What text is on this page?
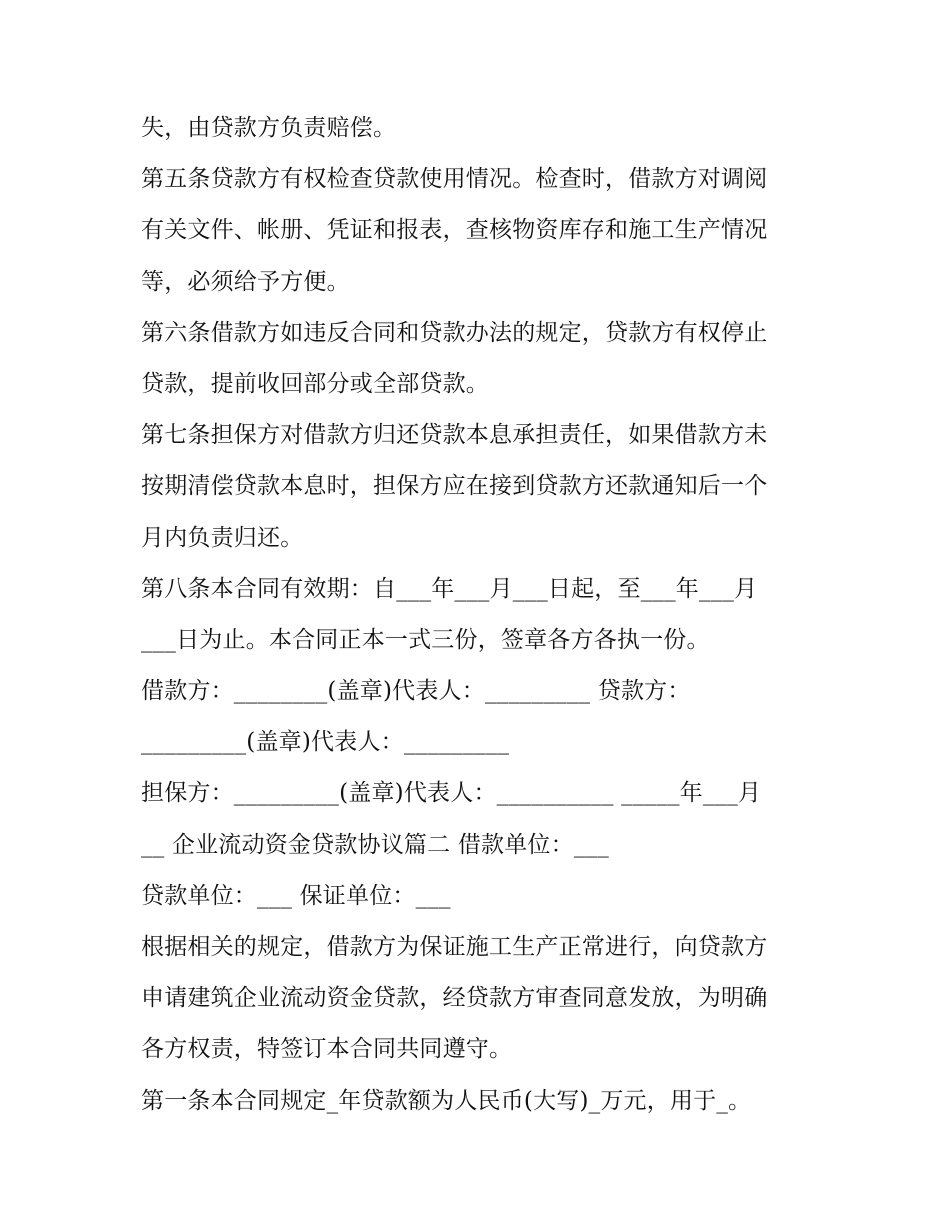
失，由贷款方负责赔偿。
第五条贷款方有权检查贷款使用情况。检查时，借款方对调阅
有关文件、帐册、凭证和报表，查核物资库存和施工生产情况
等，必须给予方便。
第六条借款方如违反合同和贷款办法的规定，贷款方有权停止
贷款，提前收回部分或全部贷款。
第七条担保方对借款方归还贷款本息承担责任，如果借款方未
按期清偿贷款本息时，担保方应在接到贷款方还款通知后一个
月内负责归还。
第八条本合同有效期：自___年___月___日起，至___年___月
___日为止。本合同正本一式三份，签章各方各执一份。
借款方：________(盖章)代表人：_________ 贷款方：
_________(盖章)代表人：_________
担保方：_________(盖章)代表人：__________ _____年___月
__ 企业流动资金贷款协议篇二 借款单位：___
贷款单位：___ 保证单位：___
根据相关的规定，借款方为保证施工生产正常进行，向贷款方
申请建筑企业流动资金贷款，经贷款方审查同意发放，为明确
各方权责，特签订本合同共同遵守。
第一条本合同规定_年贷款额为人民币(大写)_万元，用于_。
